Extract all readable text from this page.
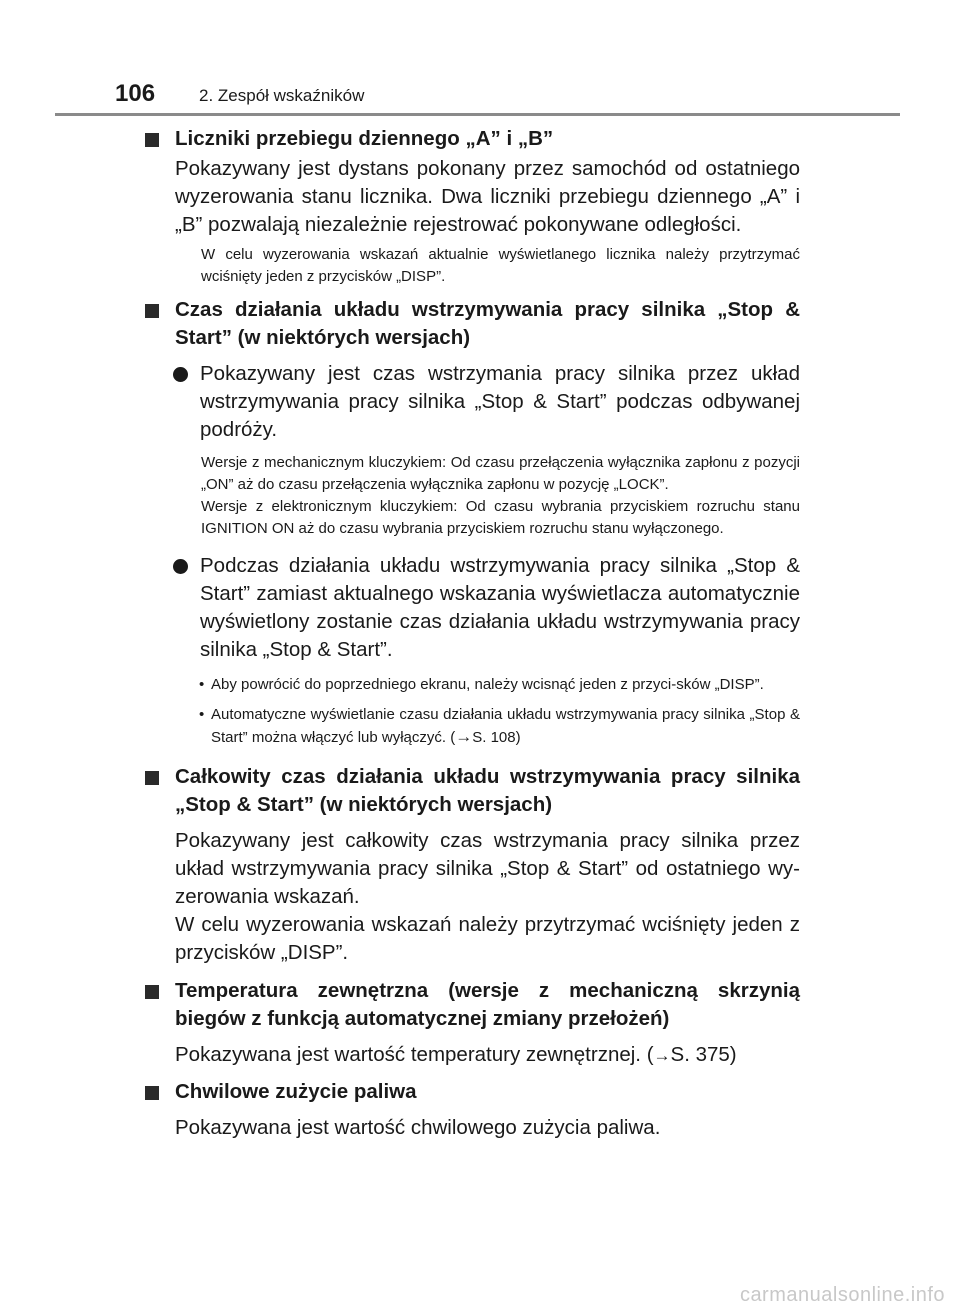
106	2. Zespół wskaźników
Liczniki przebiegu dziennego „A” i „B”
Pokazywany jest dystans pokonany przez samochód od ostatniego wyzerowania stanu licznika. Dwa liczniki przebiegu dziennego „A” i „B” pozwalają niezależnie rejestrować pokonywane odległości.
W celu wyzerowania wskazań aktualnie wyświetlanego licznika należy przytrzymać wciśnięty jeden z przycisków „DISP”.
Czas działania układu wstrzymywania pracy silnika „Stop & Start” (w niektórych wersjach)
Pokazywany jest czas wstrzymania pracy silnika przez układ wstrzymywania pracy silnika „Stop & Start” podczas odbywanej podróży.
Wersje z mechanicznym kluczykiem: Od czasu przełączenia wyłącznika zapłonu z pozycji „ON” aż do czasu przełączenia wyłącznika zapłonu w pozycję „LOCK”.
Wersje z elektronicznym kluczykiem: Od czasu wybrania przyciskiem rozruchu stanu IGNITION ON aż do czasu wybrania przyciskiem rozruchu stanu wyłączonego.
Podczas działania układu wstrzymywania pracy silnika „Stop & Start” zamiast aktualnego wskazania wyświetlacza automatycznie wyświetlony zostanie czas działania układu wstrzymywania pracy silnika „Stop & Start”.
• Aby powrócić do poprzedniego ekranu, należy wcisnąć jeden z przyci-sków „DISP”.
• Automatyczne wyświetlanie czasu działania układu wstrzymywania pracy silnika „Stop & Start” można włączyć lub wyłączyć. (→S. 108)
Całkowity czas działania układu wstrzymywania pracy silnika „Stop & Start” (w niektórych wersjach)
Pokazywany jest całkowity czas wstrzymania pracy silnika przez układ wstrzymywania pracy silnika „Stop & Start” od ostatniego wy-zerowania wskazań.
W celu wyzerowania wskazań należy przytrzymać wciśnięty jeden z przycisków „DISP”.
Temperatura zewnętrzna (wersje z mechaniczną skrzynią biegów z funkcją automatycznej zmiany przełożeń)
Pokazywana jest wartość temperatury zewnętrznej. (→S. 375)
Chwilowe zużycie paliwa
Pokazywana jest wartość chwilowego zużycia paliwa.
carmanualsonline.info
